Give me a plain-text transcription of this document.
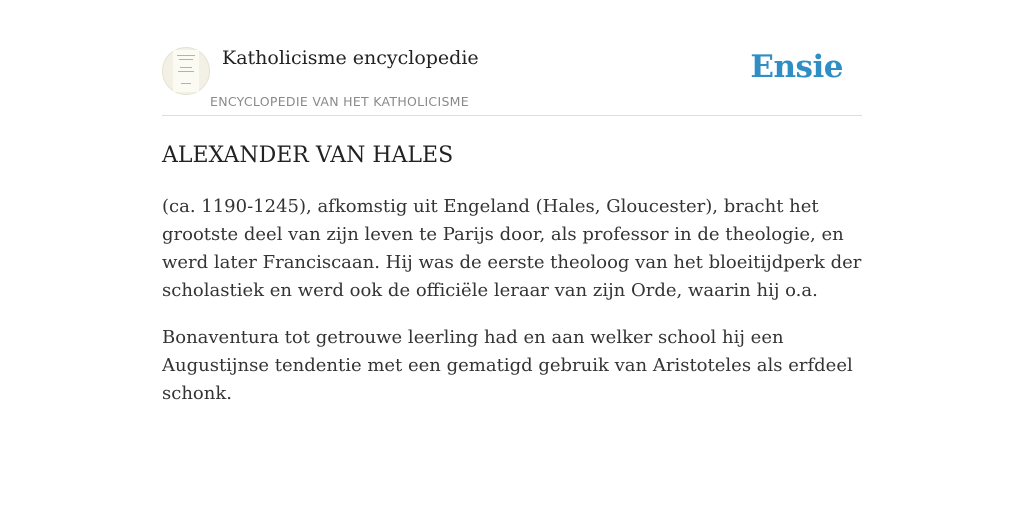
Katholicisme encyclopedie
ENCYCLOPEDIE VAN HET KATHOLICISME
Ensie
ALEXANDER VAN HALES

(ca. 1190-1245), afkomstig uit Engeland (Hales, Gloucester), bracht het grootste deel van zijn leven te Parijs door, als professor in de theologie, en werd later Franciscaan. Hij was de eerste theoloog van het bloeitijdperk der scholastiek en werd ook de officiële leraar van zijn Orde, waarin hij o.a.

Bonaventura tot getrouwe leerling had en aan welker school hij een Augustijnse tendentie met een gematigd gebruik van Aristoteles als erfdeel schonk.
